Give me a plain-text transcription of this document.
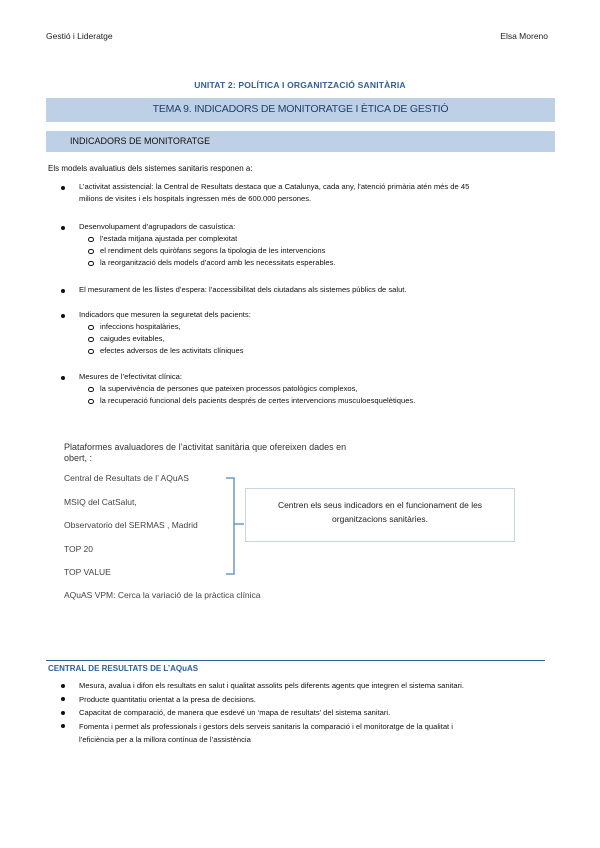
Gestió i Lideratge	Elsa Moreno
UNITAT 2: POLÍTICA I ORGANITZACIÓ SANITÀRIA
TEMA 9. INDICADORS DE MONITORATGE I ÈTICA DE GESTIÓ
INDICADORS DE MONITORATGE
Els models avaluatius dels sistemes sanitaris responen a:
L’activitat assistencial: la Central de Resultats destaca que a Catalunya, cada any, l’atenció primària atén més de 45
milions de visites i els hospitals ingressen més de 600.000 persones.
Desenvolupament d’agrupadors de casuística:
l’estada mitjana ajustada per complexitat
el rendiment dels quiròfans segons la tipologia de les intervencions
la reorganització dels models d’acord amb les necessitats esperables.
El mesurament de les llistes d’espera: l’accessibilitat dels ciutadans als sistemes públics de salut.
Indicadors que mesuren la seguretat dels pacients:
infeccions hospitalàries,
caigudes evitables,
efectes adversos de les activitats clíniques
Mesures de l’efectivitat clínica:
la supervivència de persones que pateixen processos patològics complexos,
la recuperació funcional dels pacients després de certes intervencions musculoesquelètiques.
Plataformes avaluadores de l’activitat sanitària que ofereixen dades en
obert, :
Central de Resultats de l’ AQuAS
MSIQ del CatSalut,
Observatorio del SERMAS , Madrid
TOP 20
TOP VALUE
AQuAS VPM: Cerca la variació de la pràctica clínica
Centren els seus indicadors en el funcionament de les
organitzacions sanitàries.
CENTRAL DE RESULTATS DE L’AQuAS
Mesura, avalua i difon els resultats en salut i qualitat assolits pels diferents agents que integren el sistema sanitari.
Producte quantitatiu orientat a la presa de decisions.
Capacitat de comparació, de manera que esdevé un ‘mapa de resultats’ del sistema sanitari.
Fomenta i permet als professionals i gestors dels serveis sanitaris la comparació i el monitoratge de la qualitat i
l’eficiència per a la millora contínua de l’assistència
